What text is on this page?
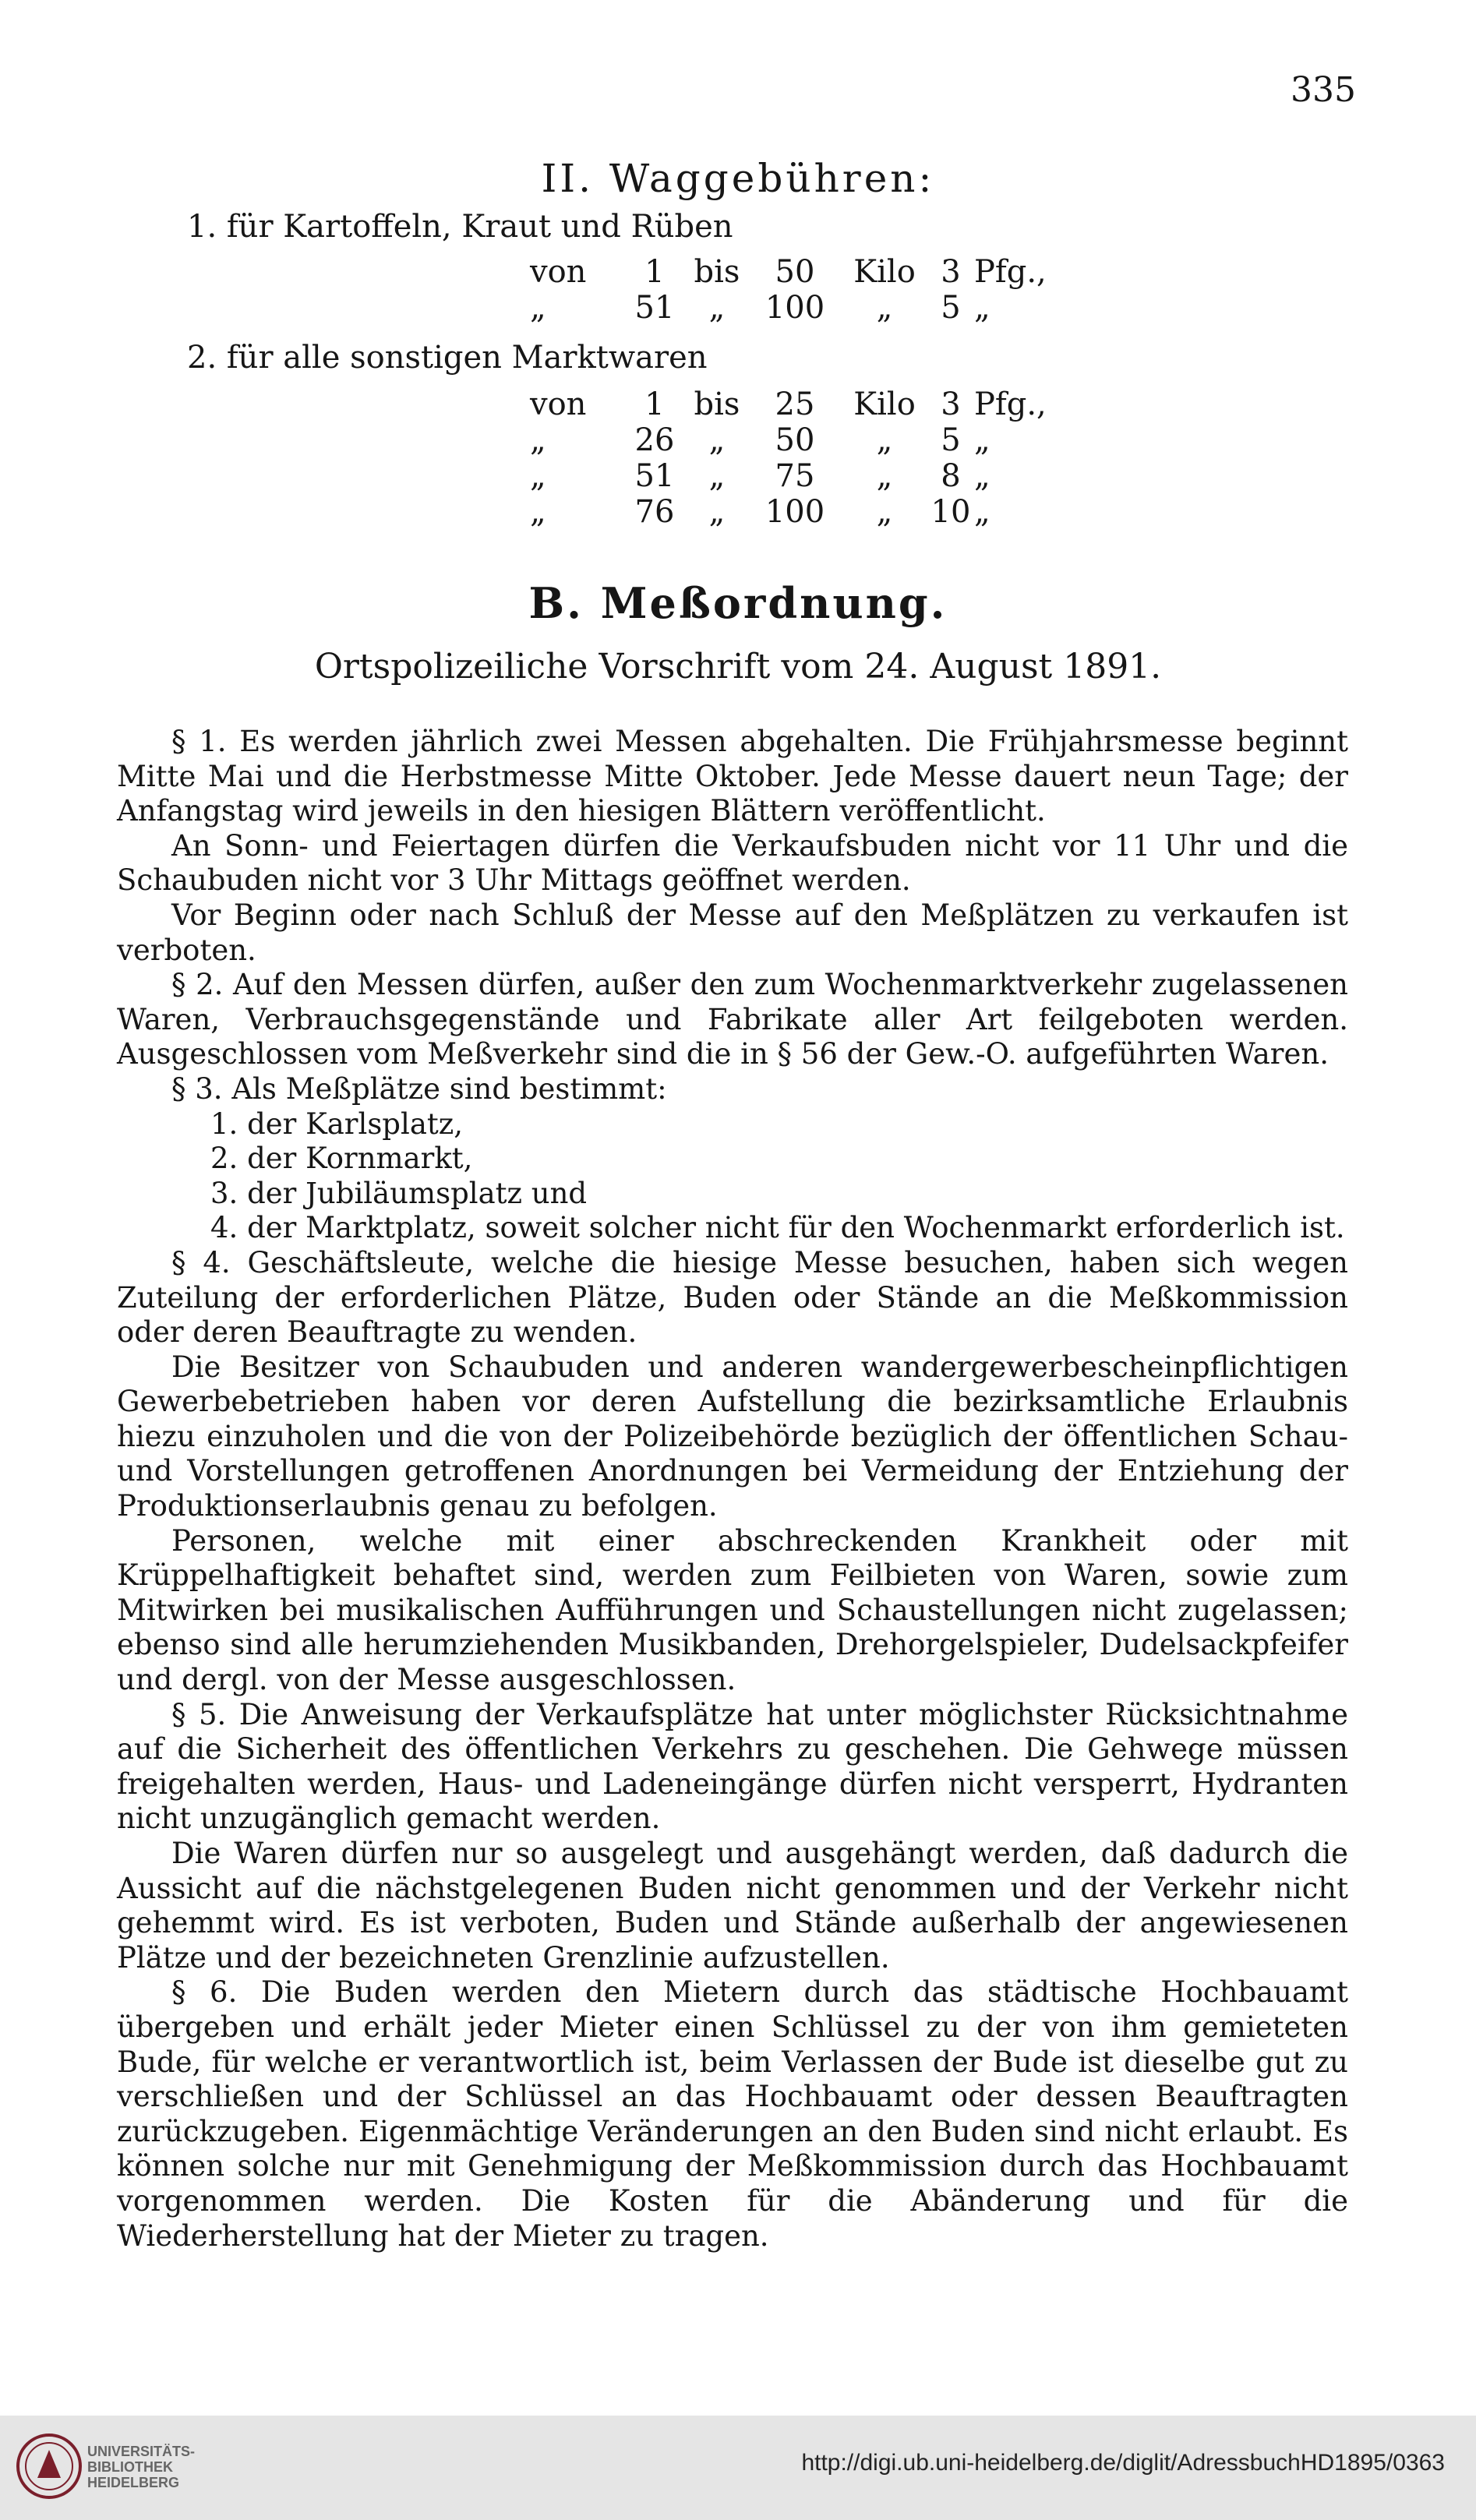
335
II. Waggebühren:
1. für Kartoffeln, Kraut und Rüben
von 1 bis 50 Kilo 3 Pfg.,
„	51 „ 100 „ 5 „
2. für alle sonstigen Marktwaren
von 1 bis 25 Kilo 3 Pfg.,
„	26 „ 50 „ 5 „
„	51 „ 75 „ 8 „
„	76 „ 100 „ 10 „
B. Meßordnung.
Ortspolizeiliche Vorschrift vom 24. August 1891.

§ 1. Es werden jährlich zwei Messen abgehalten. Die Frühjahrsmesse beginnt Mitte Mai und die Herbstmesse Mitte Oktober. Jede Messe dauert neun Tage; der Anfangstag wird jeweils in den hiesigen Blättern veröffentlicht.

An Sonn- und Feiertagen dürfen die Verkaufsbuden nicht vor 11 Uhr und die Schaubuden nicht vor 3 Uhr Mittags geöffnet werden.

Vor Beginn oder nach Schluß der Messe auf den Meßplätzen zu verkaufen ist verboten.

§ 2. Auf den Messen dürfen, außer den zum Wochenmarktverkehr zugelassenen Waren, Verbrauchsgegenstände und Fabrikate aller Art feilgeboten werden. Ausgeschlossen vom Meßverkehr sind die in § 56 der Gew.-O. aufgeführten Waren.

§ 3. Als Meßplätze sind bestimmt:

1. der Karlsplatz,

2. der Kornmarkt,

3. der Jubiläumsplatz und

4. der Marktplatz, soweit solcher nicht für den Wochenmarkt erforderlich ist.

§ 4. Geschäftsleute, welche die hiesige Messe besuchen, haben sich wegen Zuteilung der erforderlichen Plätze, Buden oder Stände an die Meßkommission oder deren Beauftragte zu wenden.

Die Besitzer von Schaubuden und anderen wandergewerbescheinpflichtigen Gewerbebetrieben haben vor deren Aufstellung die bezirksamtliche Erlaubnis hiezu einzuholen und die von der Polizeibehörde bezüglich der öffentlichen Schau- und Vorstellungen getroffenen Anordnungen bei Vermeidung der Entziehung der Produktionserlaubnis genau zu befolgen.

Personen, welche mit einer abschreckenden Krankheit oder mit Krüppelhaftigkeit behaftet sind, werden zum Feilbieten von Waren, sowie zum Mitwirken bei musikalischen Aufführungen und Schaustellungen nicht zugelassen; ebenso sind alle herumziehenden Musikbanden, Drehorgelspieler, Dudelsackpfeifer und dergl. von der Messe ausgeschlossen.

§ 5. Die Anweisung der Verkaufsplätze hat unter möglichster Rücksichtnahme auf die Sicherheit des öffentlichen Verkehrs zu geschehen. Die Gehwege müssen freigehalten werden, Haus- und Ladeneingänge dürfen nicht versperrt, Hydranten nicht unzugänglich gemacht werden.

Die Waren dürfen nur so ausgelegt und ausgehängt werden, daß dadurch die Aussicht auf die nächstgelegenen Buden nicht genommen und der Verkehr nicht gehemmt wird. Es ist verboten, Buden und Stände außerhalb der angewiesenen Plätze und der bezeichneten Grenzlinie aufzustellen.

§ 6. Die Buden werden den Mietern durch das städtische Hochbauamt übergeben und erhält jeder Mieter einen Schlüssel zu der von ihm gemieteten Bude, für welche er verantwortlich ist, beim Verlassen der Bude ist dieselbe gut zu verschließen und der Schlüssel an das Hochbauamt oder dessen Beauftragten zurückzugeben. Eigenmächtige Veränderungen an den Buden sind nicht erlaubt. Es können solche nur mit Genehmigung der Meßkommission durch das Hochbauamt vorgenommen werden. Die Kosten für die Abänderung und für die Wiederherstellung hat der Mieter zu tragen.

UNIVERSITÄTS-
BIBLIOTHEK
HEIDELBERG
http://digi.ub.uni-heidelberg.de/diglit/AdressbuchHD1895/0363
